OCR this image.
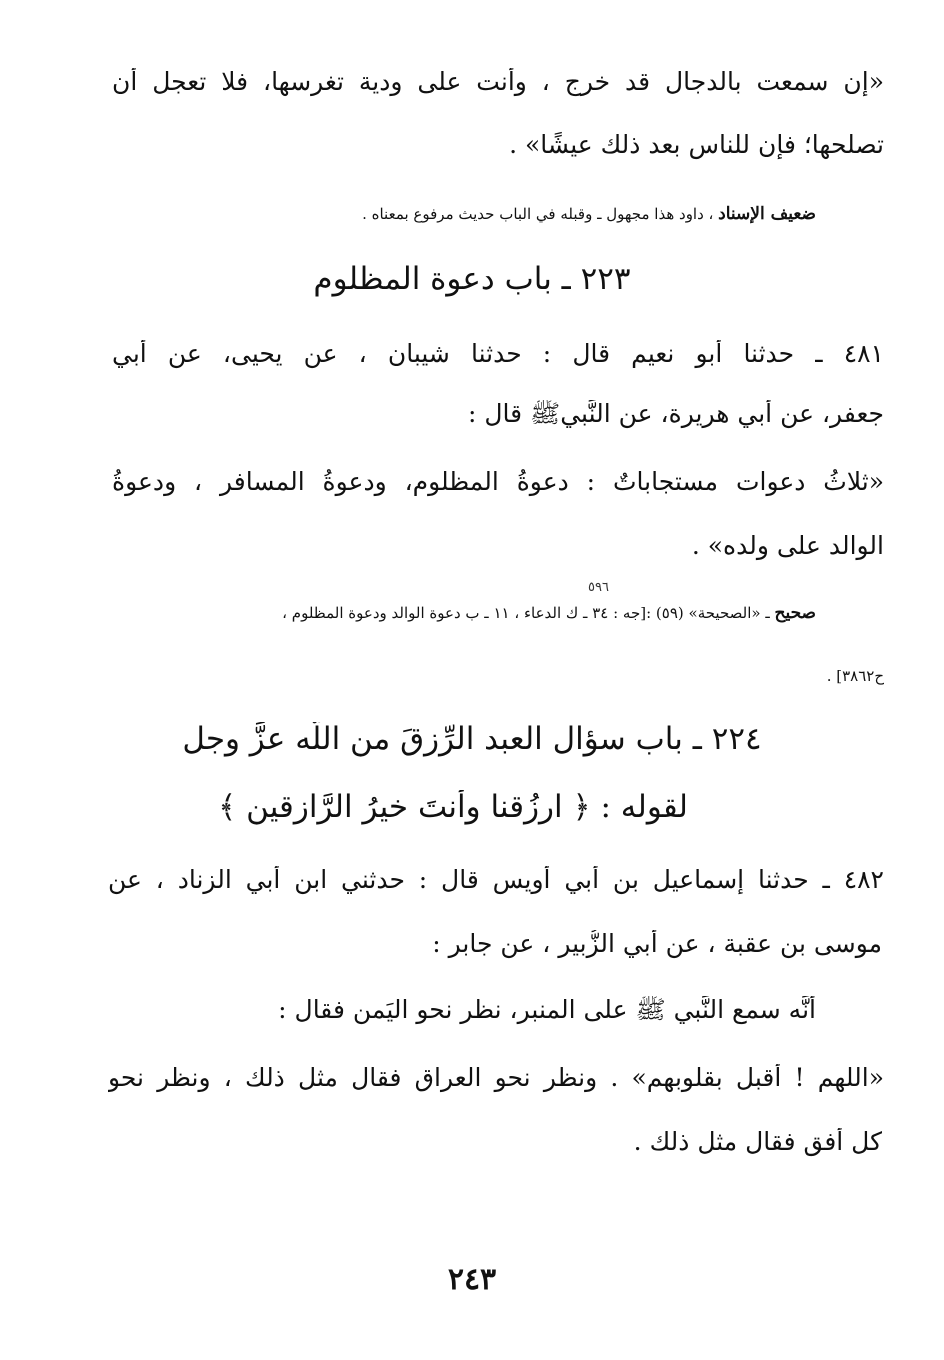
«إن سمعت بالدجال قد خرج ، وأنت على ودية تغرسها، فلا تعجل أن
تصلحها؛ فإن للناس بعد ذلك عيشًا» .
ضعيف الإسناد ، داود هذا مجهول ـ وقبله في الباب حديث مرفوع بمعناه .
٢٢٣ ـ باب دعوة المظلوم
٤٨١ ـ حدثنا أبو نعيم قال : حدثنا شيبان ، عن يحيى، عن أبي
جعفر، عن أبي هريرة، عن النَّبيﷺ قال :
«ثلاثُ دعوات مستجاباتٌ : دعوةُ المظلوم، ودعوةُ المسافر ، ودعوةُ
الوالد على ولده» .
٥٩٦
صحيح ـ «الصحيحة» (٥٩) :[جه : ٣٤ ـ ك الدعاء ، ١١ ـ ب دعوة الوالد ودعوة المظلوم ،
ح٣٨٦٢] .
٢٢٤ ـ باب سؤال العبد الرِّزقَ من اللَّه عزَّ وجل
لقوله : ﴿ ارزُقنا وأنتَ خيرُ الرَّازقين ﴾
٤٨٢ ـ حدثنا إسماعيل بن أبي أويس قال : حدثني ابن أبي الزناد ، عن
موسى بن عقبة ، عن أبي الزُّبير ، عن جابر :
أنَّه سمع النَّبي ﷺ على المنبر، نظر نحو اليَمن فقال :
«اللهم ! أقبل بقلوبهم» . ونظر نحو العراق فقال مثل ذلك ، ونظر نحو
كل أفق فقال مثل ذلك .
٢٤٣
